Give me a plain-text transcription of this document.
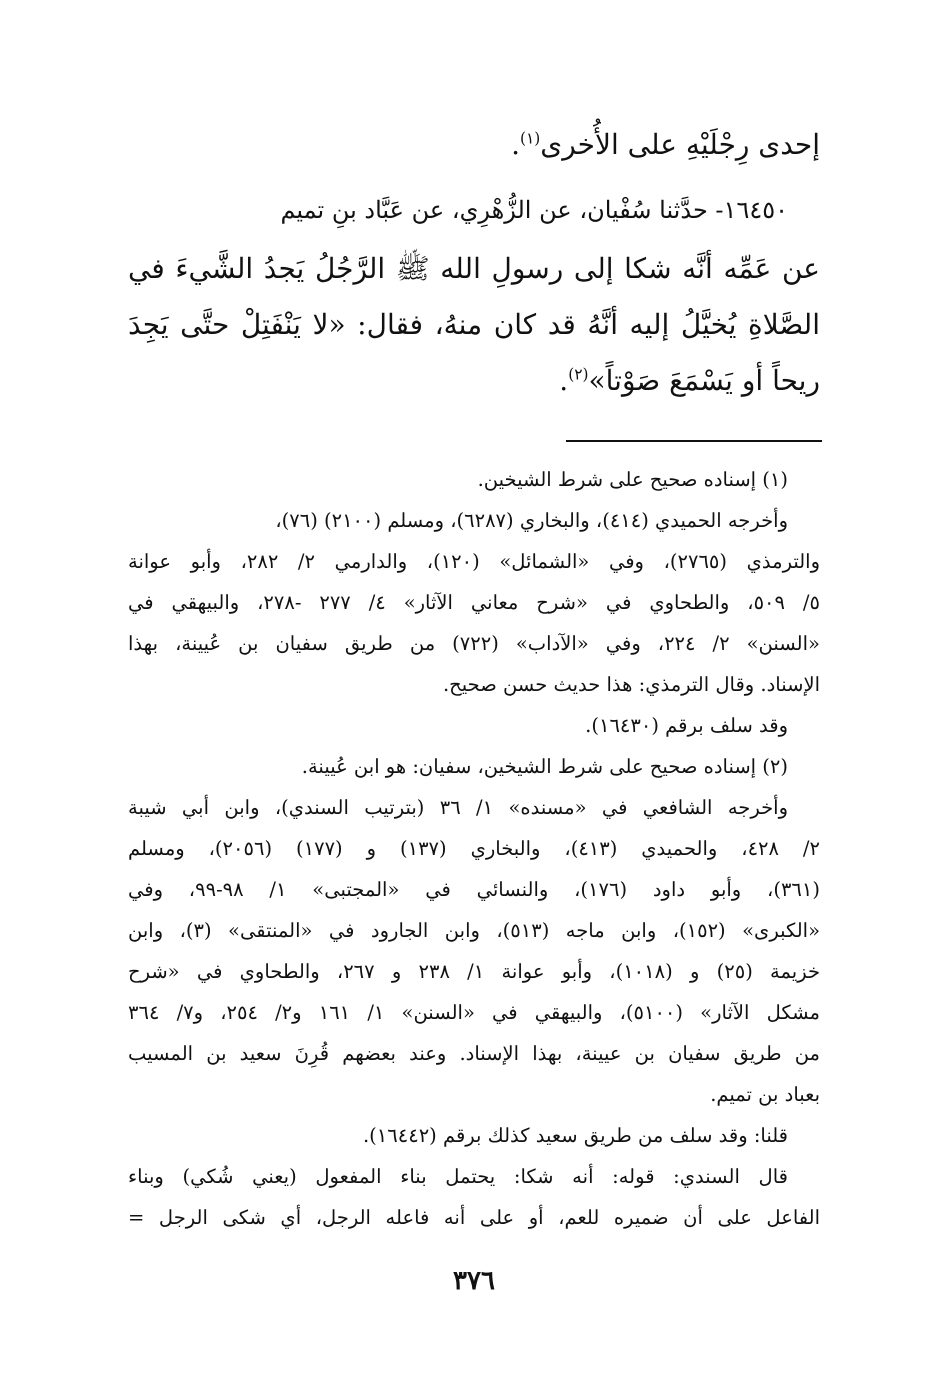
إحدى رِجْلَيْهِ على الأُخرى$^{(١)}$.
١٦٤٥٠- حدَّثنا سُفْيان، عن الزُّهْرِي، عن عَبَّاد بنِ تميم
عن عَمِّه أنَّه شكا إلى رسولِ الله ﷺ الرَّجُلُ يَجدُ الشَّيءَ في
الصَّلاةِ يُخيَّلُ إليه أنَّهُ قد كان منهُ، فقال: «لا يَنْفَتِلْ حتَّى يَجِدَ
ريحاً أو يَسْمَعَ صَوْتاً»$^{(٢)}$.
(١) إسناده صحيح على شرط الشيخين.
وأخرجه الحميدي (٤١٤)، والبخاري (٦٢٨٧)، ومسلم (٢١٠٠) (٧٦)،
والترمذي (٢٧٦٥)، وفي «الشمائل» (١٢٠)، والدارمي ٢/ ٢٨٢، وأبو عوانة
٥/ ٥٠٩، والطحاوي في «شرح معاني الآثار» ٤/ ٢٧٧ -٢٧٨، والبيهقي في
«السنن» ٢/ ٢٢٤، وفي «الآداب» (٧٢٢) من طريق سفيان بن عُيينة، بهذا
الإسناد. وقال الترمذي: هذا حديث حسن صحيح.
وقد سلف برقم (١٦٤٣٠).
(٢) إسناده صحيح على شرط الشيخين، سفيان: هو ابن عُيينة.
وأخرجه الشافعي في «مسنده» ١/ ٣٦ (بترتيب السندي)، وابن أبي شيبة
٢/ ٤٢٨، والحميدي (٤١٣)، والبخاري (١٣٧) و (١٧٧) (٢٠٥٦)، ومسلم
(٣٦١)، وأبو داود (١٧٦)، والنسائي في «المجتبى» ١/ ٩٨-٩٩، وفي
«الكبرى» (١٥٢)، وابن ماجه (٥١٣)، وابن الجارود في «المنتقى» (٣)، وابن
خزيمة (٢٥) و (١٠١٨)، وأبو عوانة ١/ ٢٣٨ و ٢٦٧، والطحاوي في «شرح
مشكل الآثار» (٥١٠٠)، والبيهقي في «السنن» ١/ ١٦١ و٢/ ٢٥٤، و٧/ ٣٦٤
من طريق سفيان بن عيينة، بهذا الإسناد. وعند بعضهم قُرِنَ سعيد بن المسيب
بعباد بن تميم.
قلنا: وقد سلف من طريق سعيد كذلك برقم (١٦٤٤٢).
قال السندي: قوله: أنه شكا: يحتمل بناء المفعول (يعني شُكي) وبناء
الفاعل على أن ضميره للعم، أو على أنه فاعله الرجل، أي شكى الرجل =
٣٧٦
